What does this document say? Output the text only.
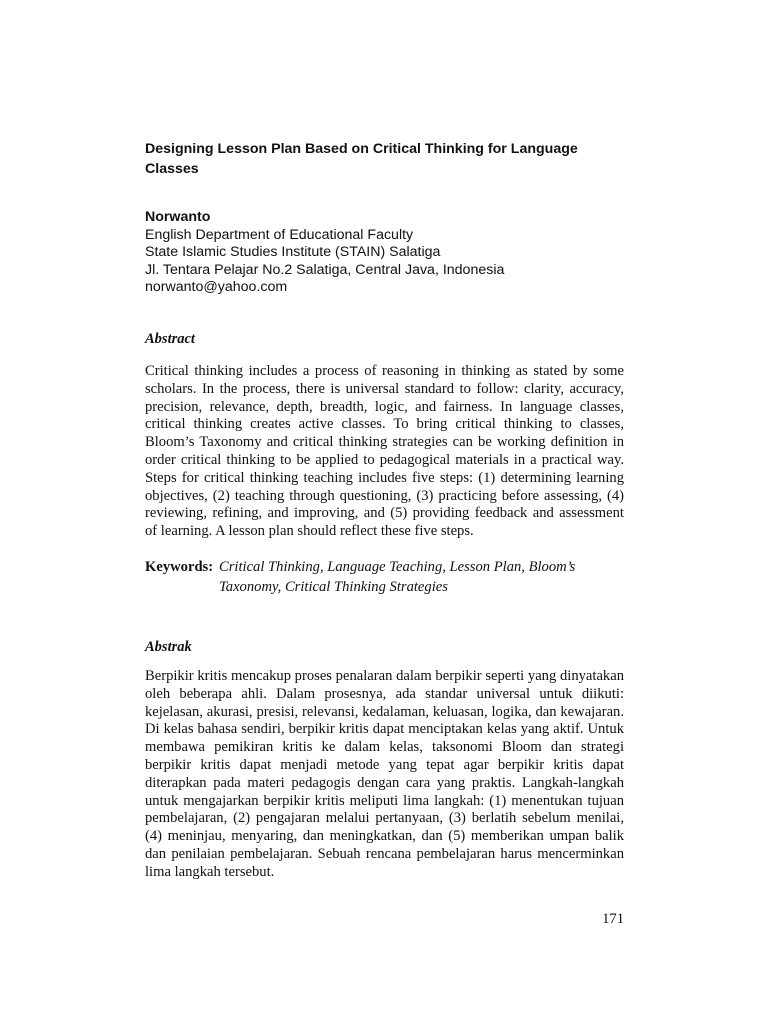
Designing Lesson Plan Based on Critical Thinking for Language Classes
Norwanto
English Department of Educational Faculty
State Islamic Studies Institute (STAIN) Salatiga
Jl. Tentara Pelajar No.2 Salatiga, Central Java, Indonesia
norwanto@yahoo.com
Abstract

Critical thinking includes a process of reasoning in thinking as stated by some scholars. In the process, there is universal standard to follow: clarity, accuracy, precision, relevance, depth, breadth, logic, and fairness. In language classes, critical thinking creates active classes. To bring critical thinking to classes, Bloom’s Taxonomy and critical thinking strategies can be working definition in order critical thinking to be applied to pedagogical materials in a practical way. Steps for critical thinking teaching includes five steps: (1) determining learning objectives, (2) teaching through questioning, (3) practicing before assessing, (4) reviewing, refining, and improving, and (5) providing feedback and assessment of learning. A lesson plan should reflect these five steps.

Keywords: Critical Thinking, Language Teaching, Lesson Plan, Bloom’s Taxonomy, Critical Thinking Strategies
Abstrak

Berpikir kritis mencakup proses penalaran dalam berpikir seperti yang dinyatakan oleh beberapa ahli. Dalam prosesnya, ada standar universal untuk diikuti: kejelasan, akurasi, presisi, relevansi, kedalaman, keluasan, logika, dan kewajaran. Di kelas bahasa sendiri, berpikir kritis dapat menciptakan kelas yang aktif. Untuk membawa pemikiran kritis ke dalam kelas, taksonomi Bloom dan strategi berpikir kritis dapat menjadi metode yang tepat agar berpikir kritis dapat diterapkan pada materi pedagogis dengan cara yang praktis. Langkah-langkah untuk mengajarkan berpikir kritis meliputi lima langkah: (1) menentukan tujuan pembelajaran, (2) pengajaran melalui pertanyaan, (3) berlatih sebelum menilai, (4) meninjau, menyaring, dan meningkatkan, dan (5) memberikan umpan balik dan penilaian pembelajaran. Sebuah rencana pembelajaran harus mencerminkan lima langkah tersebut.

171
